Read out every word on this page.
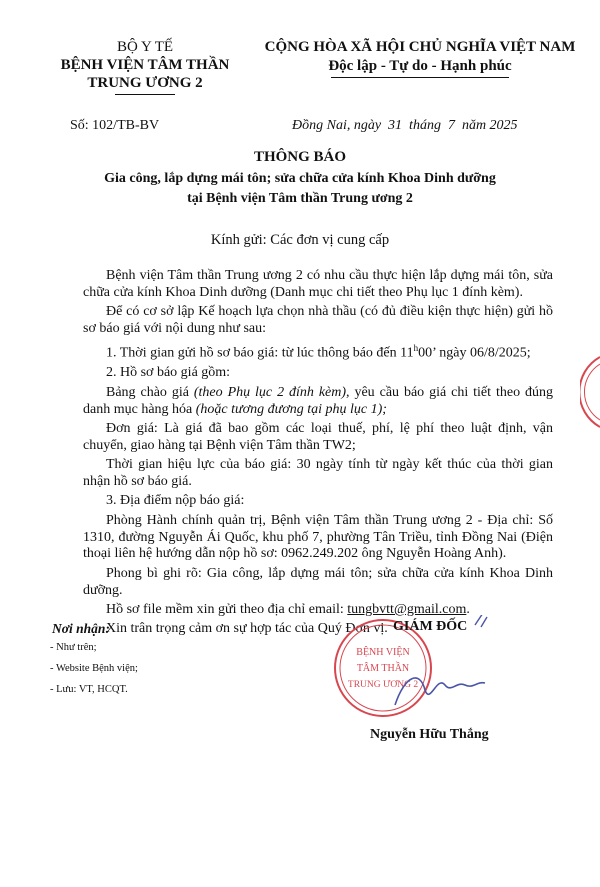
BỘ Y TẾ
BỆNH VIỆN TÂM THẦN
TRUNG ƯƠNG 2
CỘNG HÒA XÃ HỘI CHỦ NGHĨA VIỆT NAM
Độc lập - Tự do - Hạnh phúc
Số: 102/TB-BV	Đồng Nai, ngày  31  tháng  7  năm 2025
THÔNG BÁO
Gia công, lắp dựng mái tôn; sửa chữa cửa kính Khoa Dinh dưỡng
tại Bệnh viện Tâm thần Trung ương 2
Kính gửi: Các đơn vị cung cấp

Bệnh viện Tâm thần Trung ương 2 có nhu cầu thực hiện lắp dựng mái tôn, sửa chữa cửa kính Khoa Dinh dưỡng (Danh mục chi tiết theo Phụ lục 1 đính kèm).

Để có cơ sở lập Kế hoạch lựa chọn nhà thầu (có đủ điều kiện thực hiện) gửi hồ sơ báo giá với nội dung như sau:

1. Thời gian gửi hồ sơ báo giá: từ lúc thông báo đến 11$^h$00’ ngày 06/8/2025;

2. Hồ sơ báo giá gồm:

Bảng chào giá (theo Phụ lục 2 đính kèm), yêu cầu báo giá chi tiết theo đúng danh mục hàng hóa (hoặc tương đương tại phụ lục 1);

Đơn giá: Là giá đã bao gồm các loại thuế, phí, lệ phí theo luật định, vận chuyển, giao hàng tại Bệnh viện Tâm thần TW2;

Thời gian hiệu lực của báo giá: 30 ngày tính từ ngày kết thúc của thời gian nhận hồ sơ báo giá.

3. Địa điểm nộp báo giá:

Phòng Hành chính quản trị, Bệnh viện Tâm thần Trung ương 2 - Địa chỉ: Số 1310, đường Nguyễn Ái Quốc, khu phố 7, phường Tân Triều, tỉnh Đồng Nai (Điện thoại liên hệ hướng dẫn nộp hồ sơ: 0962.249.202 ông Nguyễn Hoàng Anh).

Phong bì ghi rõ: Gia công, lắp dựng mái tôn; sửa chữa cửa kính Khoa Dinh dưỡng.

Hồ sơ file mềm xin gửi theo địa chỉ email: tungbvtt@gmail.com.

Xin trân trọng cảm ơn sự hợp tác của Quý Đơn vị.

Nơi nhận:
- Như trên;
- Website Bệnh viện;
- Lưu: VT, HCQT.
BỆNH VIỆN
TÂM THẦN
TRUNG ƯƠNG 2
GIÁM ĐỐC
Nguyễn Hữu Thắng
